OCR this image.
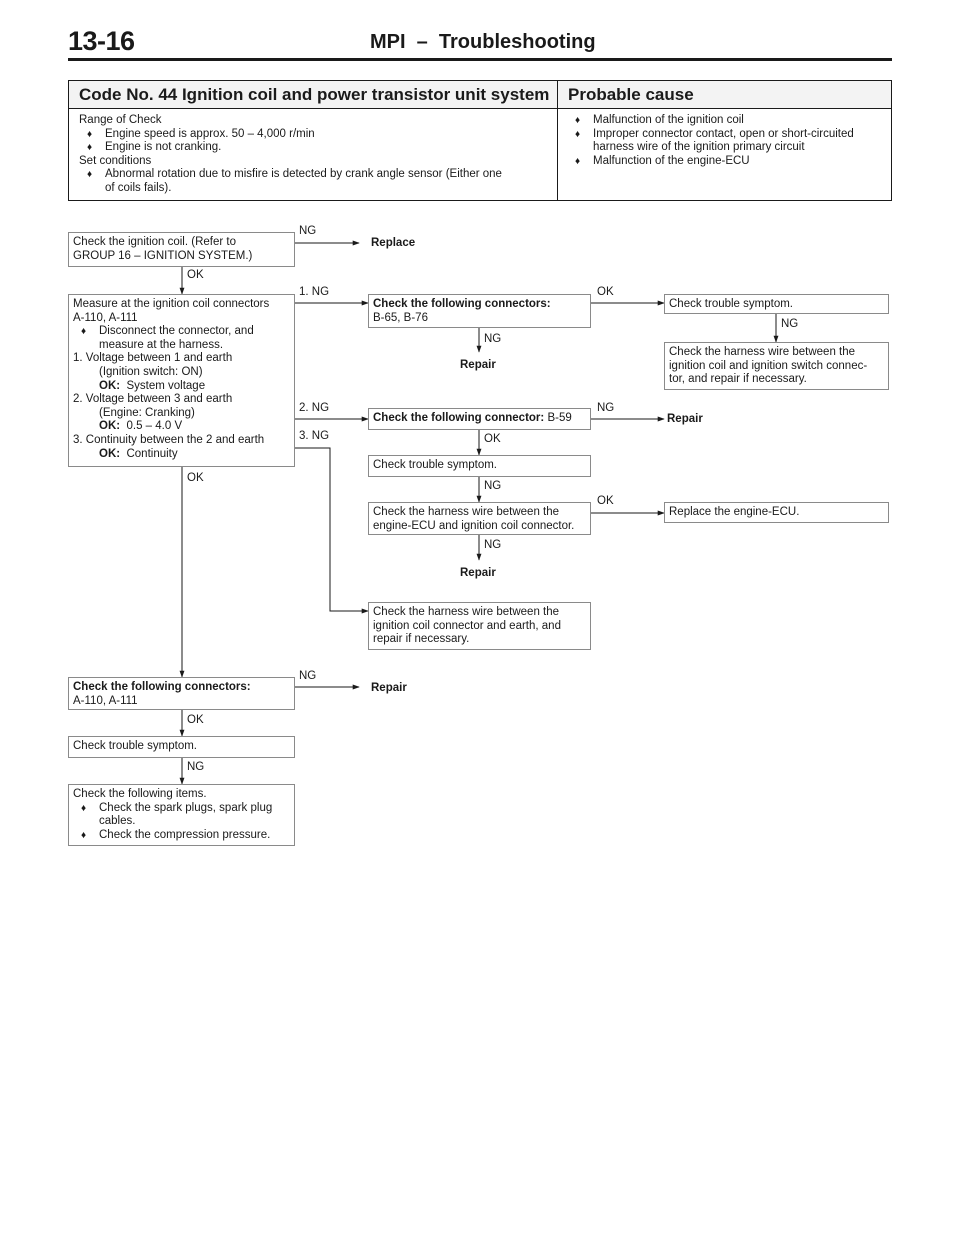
13-16	MPI  –  Troubleshooting
Code No. 44 Ignition coil and power transistor unit system	Probable cause
Range of Check
♦ Engine speed is approx. 50 – 4,000 r/min
♦ Engine is not cranking.
Set conditions
♦ Abnormal rotation due to misfire is detected by crank angle sensor (Either one
of coils fails).
♦ Malfunction of the ignition coil
♦ Improper connector contact, open or short-circuited
harness wire of the ignition primary circuit
♦ Malfunction of the engine-ECU
Check the ignition coil. (Refer to
GROUP 16 – IGNITION SYSTEM.)
Measure at the ignition coil connectors
A-110, A-111
♦ Disconnect the connector, and
measure at the harness.
1. Voltage between 1 and earth
(Ignition switch: ON)
OK: System voltage
2. Voltage between 3 and earth
(Engine: Cranking)
OK: 0.5 – 4.0 V
3. Continuity between the 2 and earth
OK: Continuity
Check the following connectors:
B-65, B-76
Check trouble symptom.
Check the harness wire between the
ignition coil and ignition switch connec-
tor, and repair if necessary.
Check the following connector: B-59
Check trouble symptom.
Check the harness wire between the
engine-ECU and ignition coil connector.
Replace the engine-ECU.
Check the harness wire between the
ignition coil connector and earth, and
repair if necessary.
Check the following connectors:
A-110, A-111
Check trouble symptom.
Check the following items.
♦ Check the spark plugs, spark plug
cables.
♦ Check the compression pressure.
NG
OK
1. NG	OK
NG
NG
2. NG
3. NG
NG
OK
OK
NG
OK
NG
NG
OK
NG
Replace
Repair
Repair
Repair
Repair
